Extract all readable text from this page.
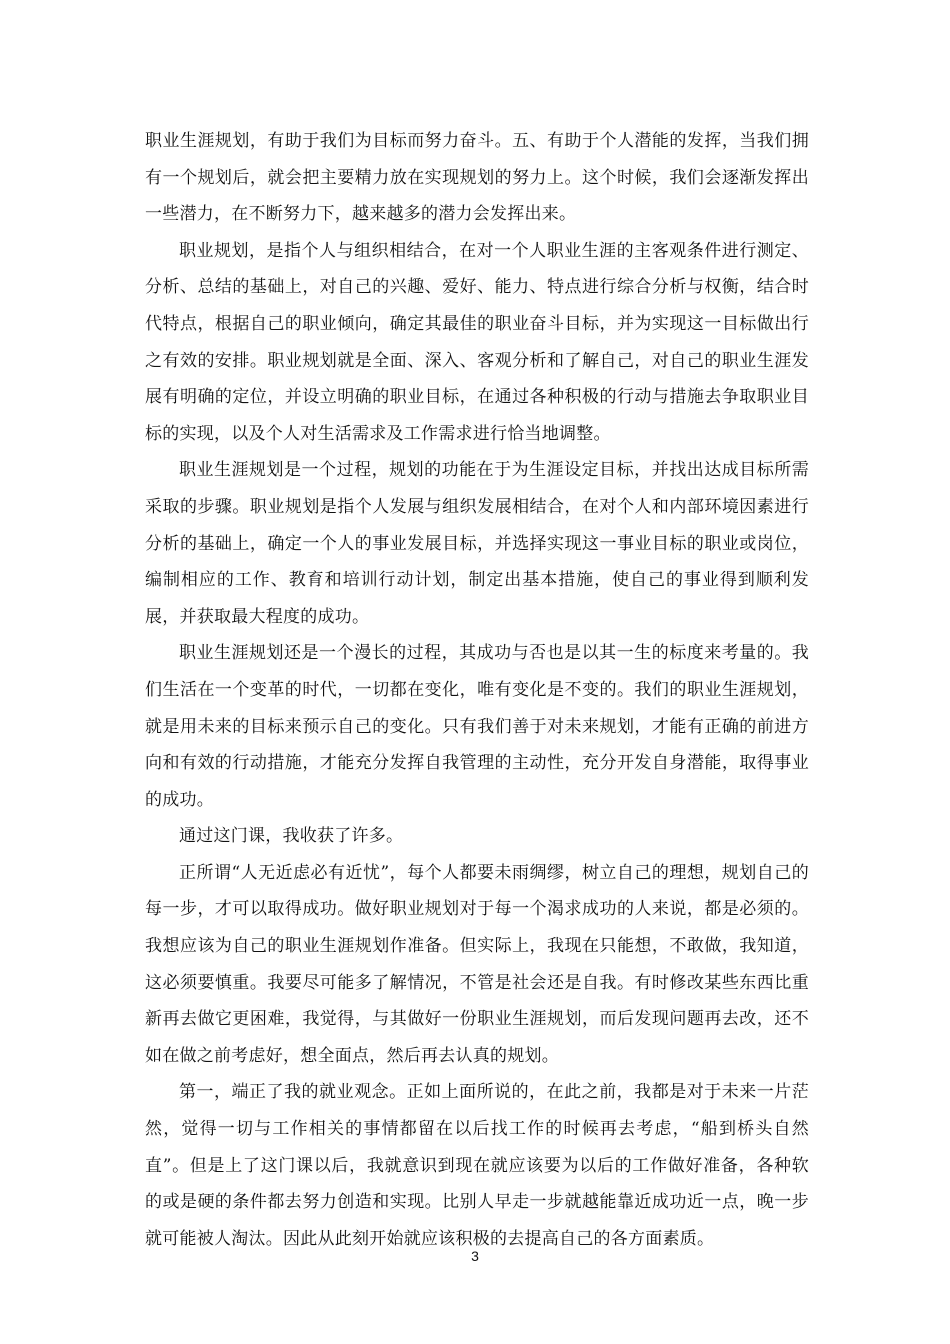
职业生涯规划，有助于我们为目标而努力奋斗。五、有助于个人潜能的发挥，当我们拥有一个规划后，就会把主要精力放在实现规划的努力上。这个时候，我们会逐渐发挥出一些潜力，在不断努力下，越来越多的潜力会发挥出来。

职业规划，是指个人与组织相结合，在对一个人职业生涯的主客观条件进行测定、分析、总结的基础上，对自己的兴趣、爱好、能力、特点进行综合分析与权衡，结合时代特点，根据自己的职业倾向，确定其最佳的职业奋斗目标，并为实现这一目标做出行之有效的安排。职业规划就是全面、深入、客观分析和了解自己，对自己的职业生涯发展有明确的定位，并设立明确的职业目标，在通过各种积极的行动与措施去争取职业目标的实现，以及个人对生活需求及工作需求进行恰当地调整。

职业生涯规划是一个过程，规划的功能在于为生涯设定目标，并找出达成目标所需采取的步骤。职业规划是指个人发展与组织发展相结合，在对个人和内部环境因素进行分析的基础上，确定一个人的事业发展目标，并选择实现这一事业目标的职业或岗位，编制相应的工作、教育和培训行动计划，制定出基本措施，使自己的事业得到顺利发展，并获取最大程度的成功。

职业生涯规划还是一个漫长的过程，其成功与否也是以其一生的标度来考量的。我们生活在一个变革的时代，一切都在变化，唯有变化是不变的。我们的职业生涯规划，就是用未来的目标来预示自己的变化。只有我们善于对未来规划，才能有正确的前进方向和有效的行动措施，才能充分发挥自我管理的主动性，充分开发自身潜能，取得事业的成功。

通过这门课，我收获了许多。

正所谓“人无近虑必有近忧”，每个人都要未雨绸缪，树立自己的理想，规划自己的每一步，才可以取得成功。做好职业规划对于每一个渴求成功的人来说，都是必须的。我想应该为自己的职业生涯规划作准备。但实际上，我现在只能想，不敢做，我知道，这必须要慎重。我要尽可能多了解情况，不管是社会还是自我。有时修改某些东西比重新再去做它更困难，我觉得，与其做好一份职业生涯规划，而后发现问题再去改，还不如在做之前考虑好，想全面点，然后再去认真的规划。

第一，端正了我的就业观念。正如上面所说的，在此之前，我都是对于未来一片茫然，觉得一切与工作相关的事情都留在以后找工作的时候再去考虑，“船到桥头自然直”。但是上了这门课以后，我就意识到现在就应该要为以后的工作做好准备，各种软的或是硬的条件都去努力创造和实现。比别人早走一步就越能靠近成功近一点，晚一步就可能被人淘汰。因此从此刻开始就应该积极的去提高自己的各方面素质。

3
